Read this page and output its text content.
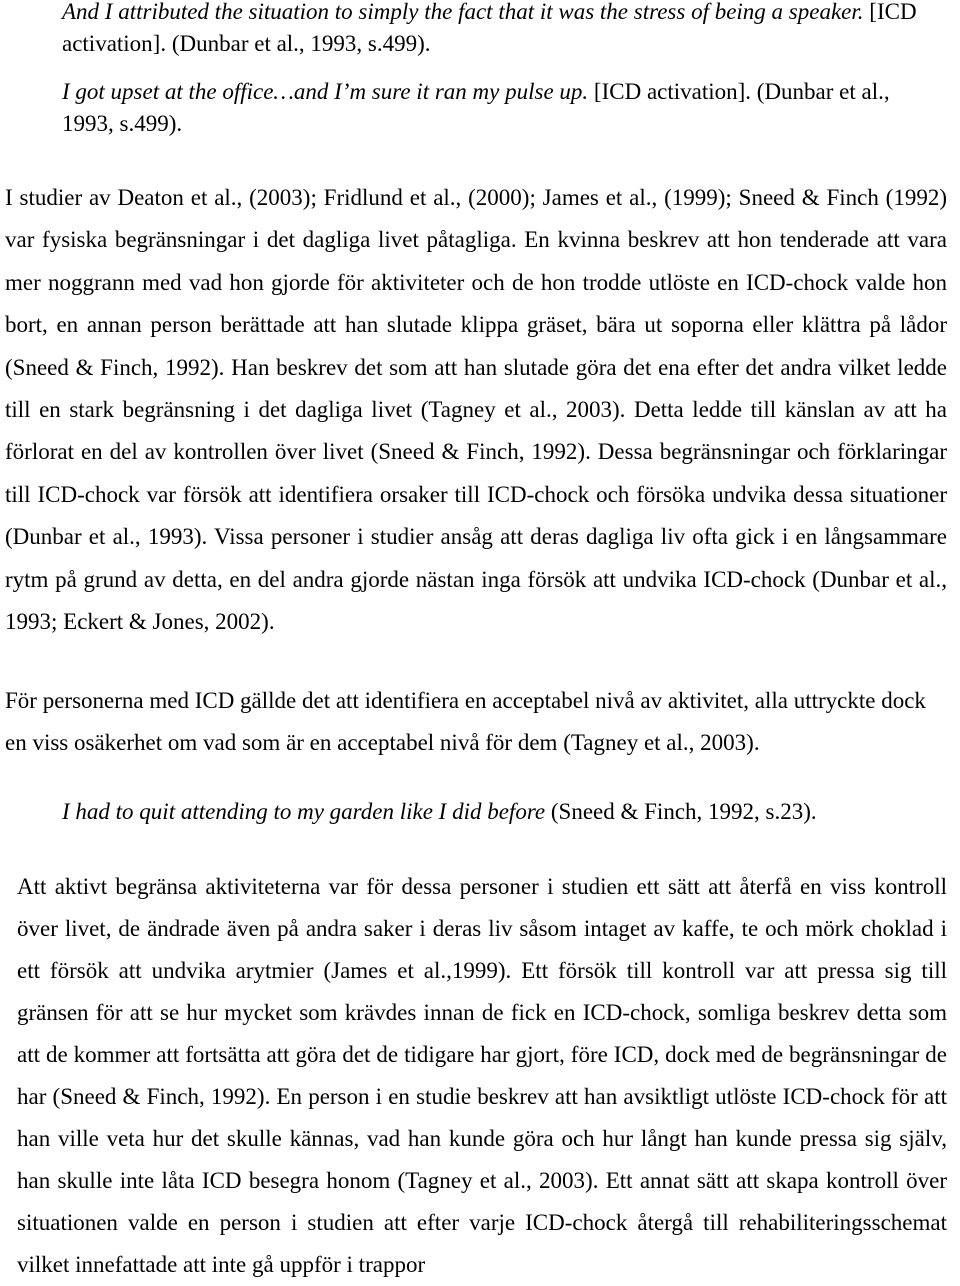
And I attributed the situation to simply the fact that it was the stress of being a speaker. [ICD activation]. (Dunbar et al., 1993, s.499).

I got upset at the office…and I’m sure it ran my pulse up. [ICD activation]. (Dunbar et al., 1993, s.499).

I studier av Deaton et al., (2003); Fridlund et al., (2000); James et al., (1999); Sneed & Finch (1992) var fysiska begränsningar i det dagliga livet påtagliga. En kvinna beskrev att hon tenderade att vara mer noggrann med vad hon gjorde för aktiviteter och de hon trodde utlöste en ICD-chock valde hon bort, en annan person berättade att han slutade klippa gräset, bära ut soporna eller klättra på lådor (Sneed & Finch, 1992). Han beskrev det som att han slutade göra det ena efter det andra vilket ledde till en stark begränsning i det dagliga livet (Tagney et al., 2003). Detta ledde till känslan av att ha förlorat en del av kontrollen över livet (Sneed & Finch, 1992). Dessa begränsningar och förklaringar till ICD-chock var försök att identifiera orsaker till ICD-chock och försöka undvika dessa situationer (Dunbar et al., 1993). Vissa personer i studier ansåg att deras dagliga liv ofta gick i en långsammare rytm på grund av detta, en del andra gjorde nästan inga försök att undvika ICD-chock (Dunbar et al., 1993; Eckert & Jones, 2002).

För personerna med ICD gällde det att identifiera en acceptabel nivå av aktivitet, alla uttryckte dock en viss osäkerhet om vad som är en acceptabel nivå för dem (Tagney et al., 2003).

I had to quit attending to my garden like I did before (Sneed & Finch, 1992, s.23).

Att aktivt begränsa aktiviteterna var för dessa personer i studien ett sätt att återfå en viss kontroll över livet, de ändrade även på andra saker i deras liv såsom intaget av kaffe, te och mörk choklad i ett försök att undvika arytmier (James et al.,1999). Ett försök till kontroll var att pressa sig till gränsen för att se hur mycket som krävdes innan de fick en ICD-chock, somliga beskrev detta som att de kommer att fortsätta att göra det de tidigare har gjort, före ICD, dock med de begränsningar de har (Sneed & Finch, 1992). En person i en studie beskrev att han avsiktligt utlöste ICD-chock för att han ville veta hur det skulle kännas, vad han kunde göra och hur långt han kunde pressa sig själv, han skulle inte låta ICD besegra honom (Tagney et al., 2003). Ett annat sätt att skapa kontroll över situationen valde en person i studien att efter varje ICD-chock återgå till rehabiliteringsschemat vilket innefattade att inte gå uppför i trappor
